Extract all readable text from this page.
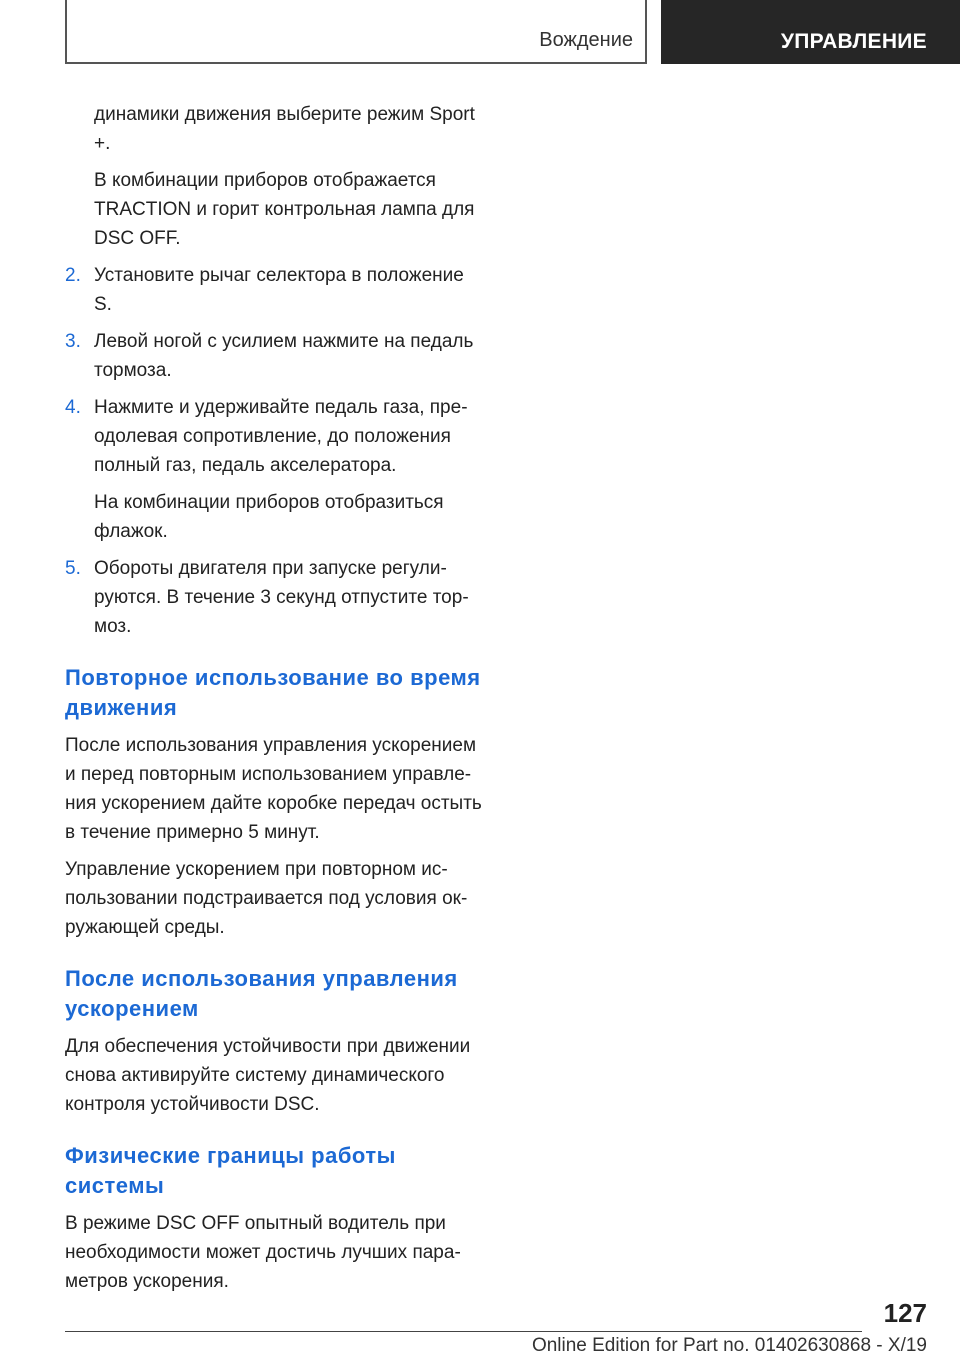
Вождение	УПРАВЛЕНИЕ

динамики движения выберите режим Sport +.

В комбинации приборов отображается TRACTION и горит контрольная лампа для DSC OFF.

2. Установите рычаг селектора в положение S.
3. Левой ногой с усилием нажмите на педаль тормоза.
4. Нажмите и удерживайте педаль газа, преодолевая сопротивление, до положения полный газ, педаль акселератора.

На комбинации приборов отобразиться флажок.

5. Обороты двигателя при запуске регулируются. В течение 3 секунд отпустите тормоз.
Повторное использование во время движения

После использования управления ускорением и перед повторным использованием управления ускорением дайте коробке передач остыть в течение примерно 5 минут.

Управление ускорением при повторном использовании подстраивается под условия окружающей среды.

После использования управления ускорением

Для обеспечения устойчивости при движении снова активируйте систему динамического контроля устойчивости DSC.

Физические границы работы системы

В режиме DSC OFF опытный водитель при необходимости может достичь лучших параметров ускорения.

127
Online Edition for Part no. 01402630868 - X/19
